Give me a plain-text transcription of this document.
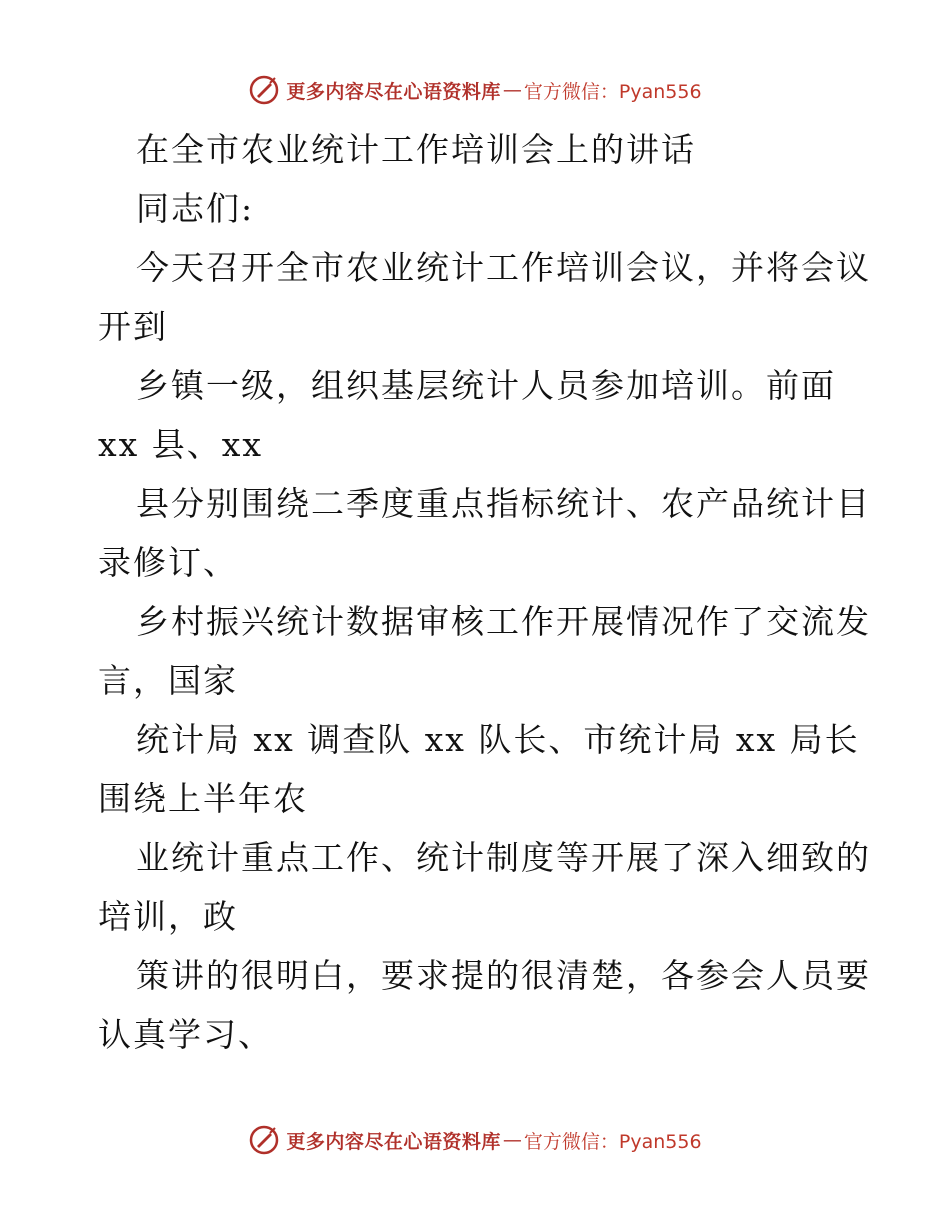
更多内容尽在心语资料库 — 官方微信：Pyan556
在全市农业统计工作培训会上的讲话
同志们:
今天召开全市农业统计工作培训会议，并将会议
开到
乡镇一级，组织基层统计人员参加培训。前面
xx 县、xx
县分别围绕二季度重点指标统计、农产品统计目
录修订、
乡村振兴统计数据审核工作开展情况作了交流发
言，国家
统计局 xx 调查队 xx 队长、市统计局 xx 局长
围绕上半年农
业统计重点工作、统计制度等开展了深入细致的
培训，政
策讲的很明白，要求提的很清楚，各参会人员要
认真学习、
更多内容尽在心语资料库 — 官方微信：Pyan556
